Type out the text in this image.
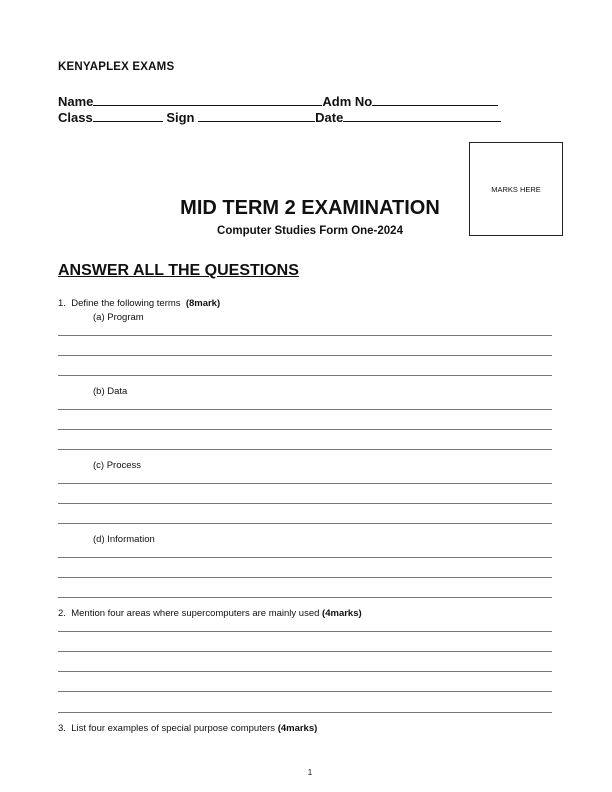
KENYAPLEX EXAMS
Name	Adm No
Class	Sign	Date
MARKS HERE
MID TERM 2 EXAMINATION
Computer Studies Form One-2024
ANSWER ALL THE QUESTIONS
1. Define the following terms (8mark)
(a) Program
(b) Data
(c) Process
(d) Information
2. Mention four areas where supercomputers are mainly used (4marks)
3. List four examples of special purpose computers (4marks)
1
